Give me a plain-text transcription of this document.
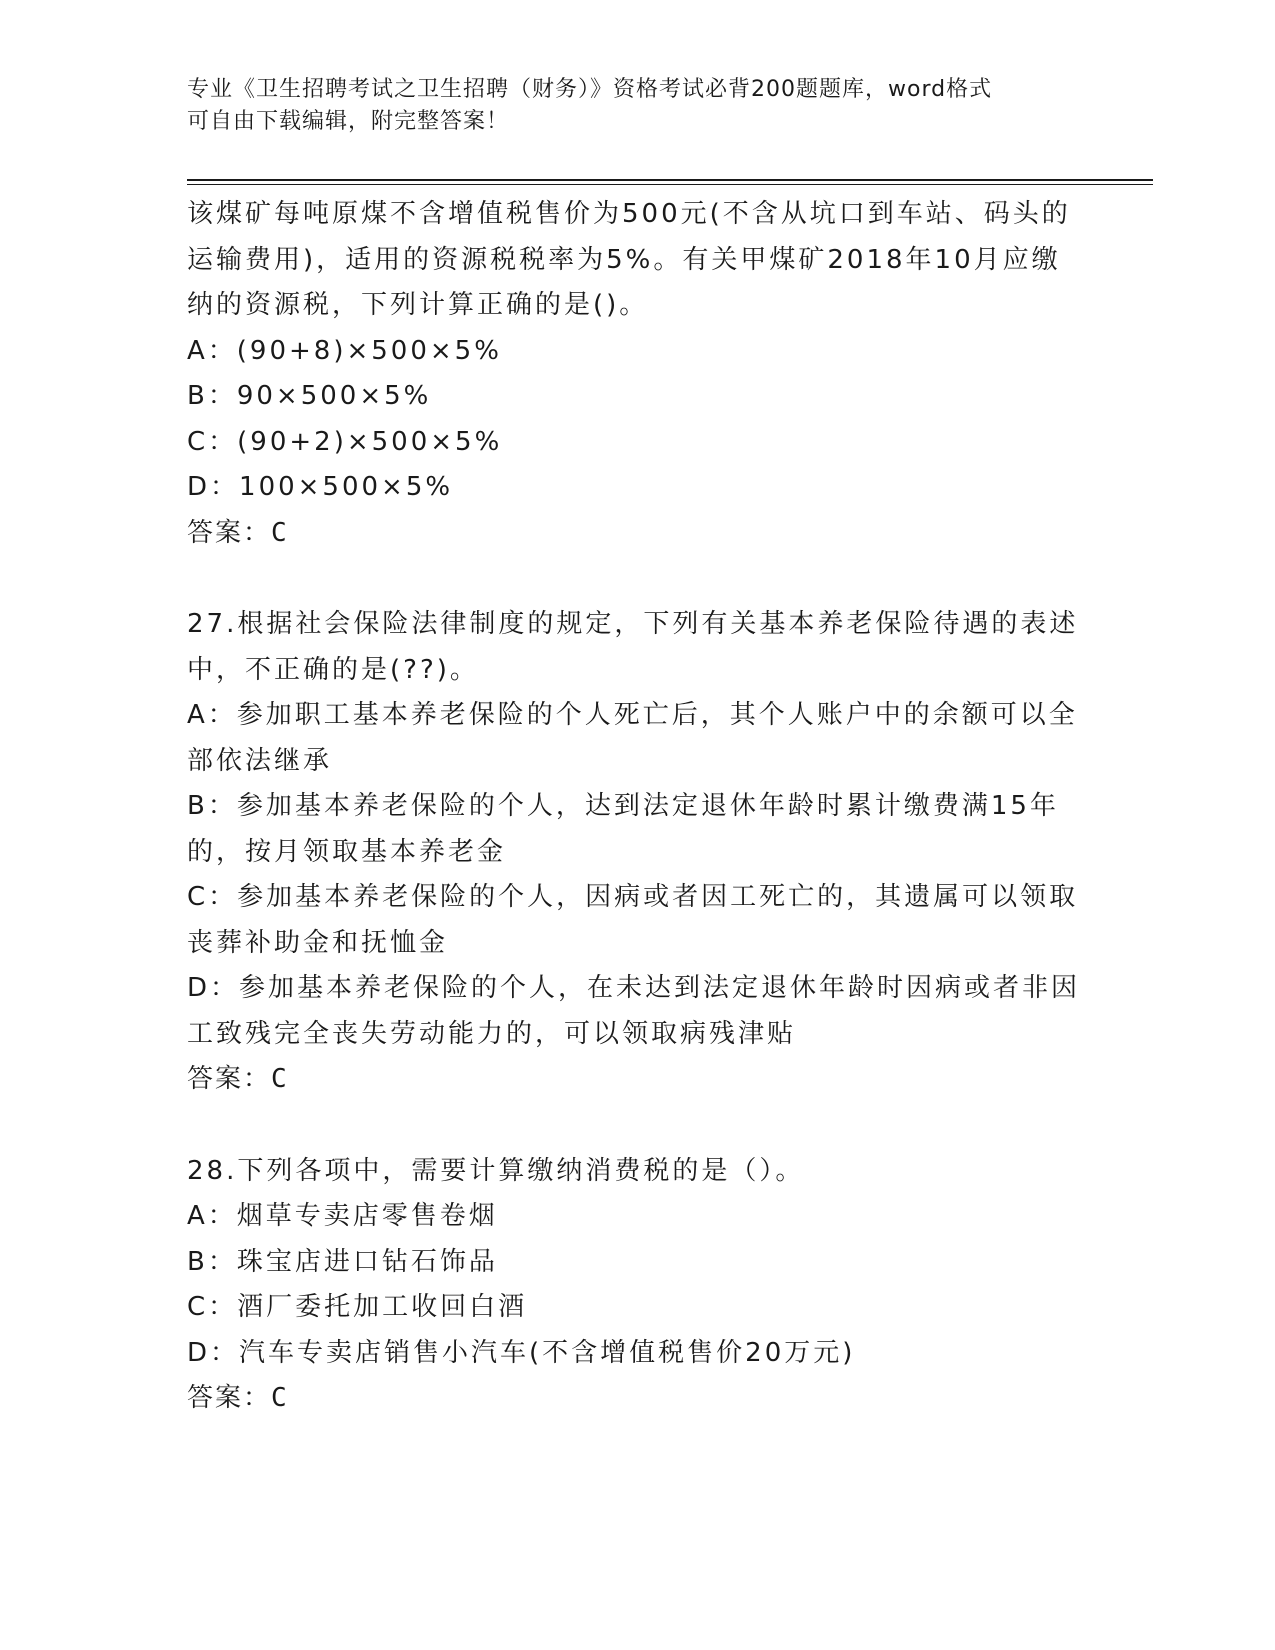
专业《卫生招聘考试之卫生招聘（财务）》资格考试必背200题题库，word格式
可自由下载编辑，附完整答案！
该煤矿每吨原煤不含增值税售价为500元(不含从坑口到车站、码头的
运输费用)，适用的资源税税率为5%。有关甲煤矿2018年10月应缴
纳的资源税，下列计算正确的是()。
A：(90+8)×500×5%
B：90×500×5%
C：(90+2)×500×5%
D：100×500×5%
答案：C
27.根据社会保险法律制度的规定，下列有关基本养老保险待遇的表述
中，不正确的是(??)。
A：参加职工基本养老保险的个人死亡后，其个人账户中的余额可以全
部依法继承
B：参加基本养老保险的个人，达到法定退休年龄时累计缴费满15年
的，按月领取基本养老金
C：参加基本养老保险的个人，因病或者因工死亡的，其遗属可以领取
丧葬补助金和抚恤金
D：参加基本养老保险的个人，在未达到法定退休年龄时因病或者非因
工致残完全丧失劳动能力的，可以领取病残津贴
答案：C
28.下列各项中，需要计算缴纳消费税的是（）。
A：烟草专卖店零售卷烟
B：珠宝店进口钻石饰品
C：酒厂委托加工收回白酒
D：汽车专卖店销售小汽车(不含增值税售价20万元)
答案：C
